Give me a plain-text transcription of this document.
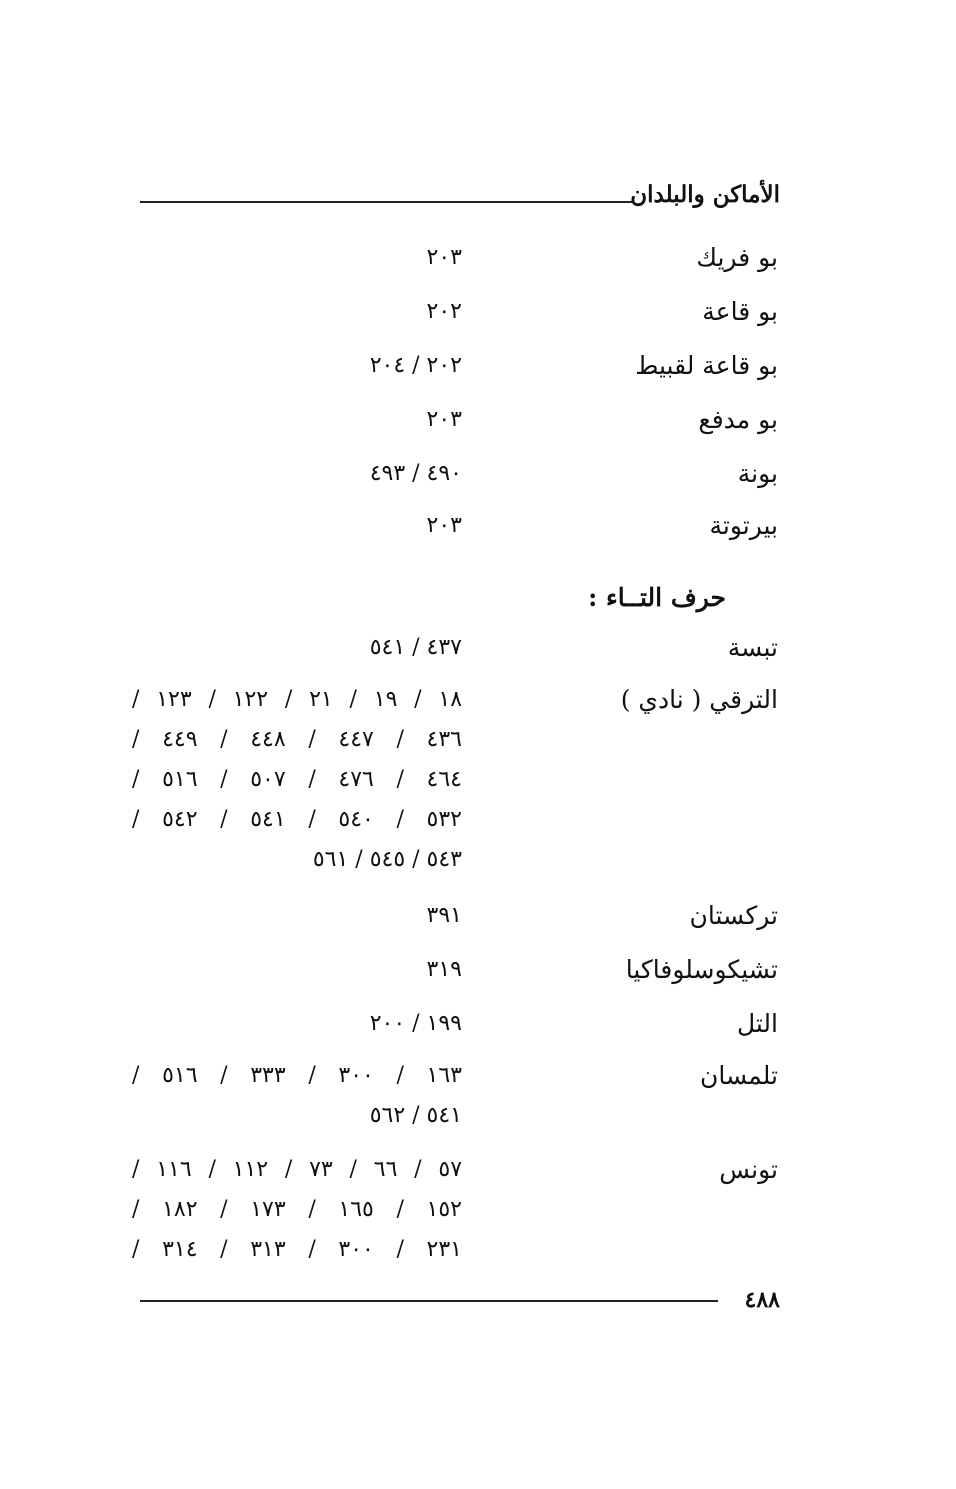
الأماكن والبلدان
بو فريك
٢٠٣
بو قاعة
٢٠٢
بو قاعة لقبيط
٢٠٢ / ٢٠٤
بو مدفع
٢٠٣
بونة
٤٩٠ / ٤٩٣
بيرتوتة
٢٠٣
حرف التــاء :
تبسة
٤٣٧ / ٥٤١
الترقي ( نادي )
١٨ / ١٩ / ٢١ / ١٢٢ / ١٢٣ /
٤٣٦ / ٤٤٧ / ٤٤٨ / ٤٤٩ /
٤٦٤ / ٤٧٦ / ٥٠٧ / ٥١٦ /
٥٣٢ / ٥٤٠ / ٥٤١ / ٥٤٢ /
٥٤٣ / ٥٤٥ / ٥٦١
تركستان
٣٩١
تشيكوسلوفاكيا
٣١٩
التل
١٩٩ / ٢٠٠
تلمسان
١٦٣ / ٣٠٠ / ٣٣٣ / ٥١٦ /
٥٤١ / ٥٦٢
تونس
٥٧ / ٦٦ / ٧٣ / ١١٢ / ١١٦ /
١٥٢ / ١٦٥ / ١٧٣ / ١٨٢ /
٢٣١ / ٣٠٠ / ٣١٣ / ٣١٤ /
٤٨٨
